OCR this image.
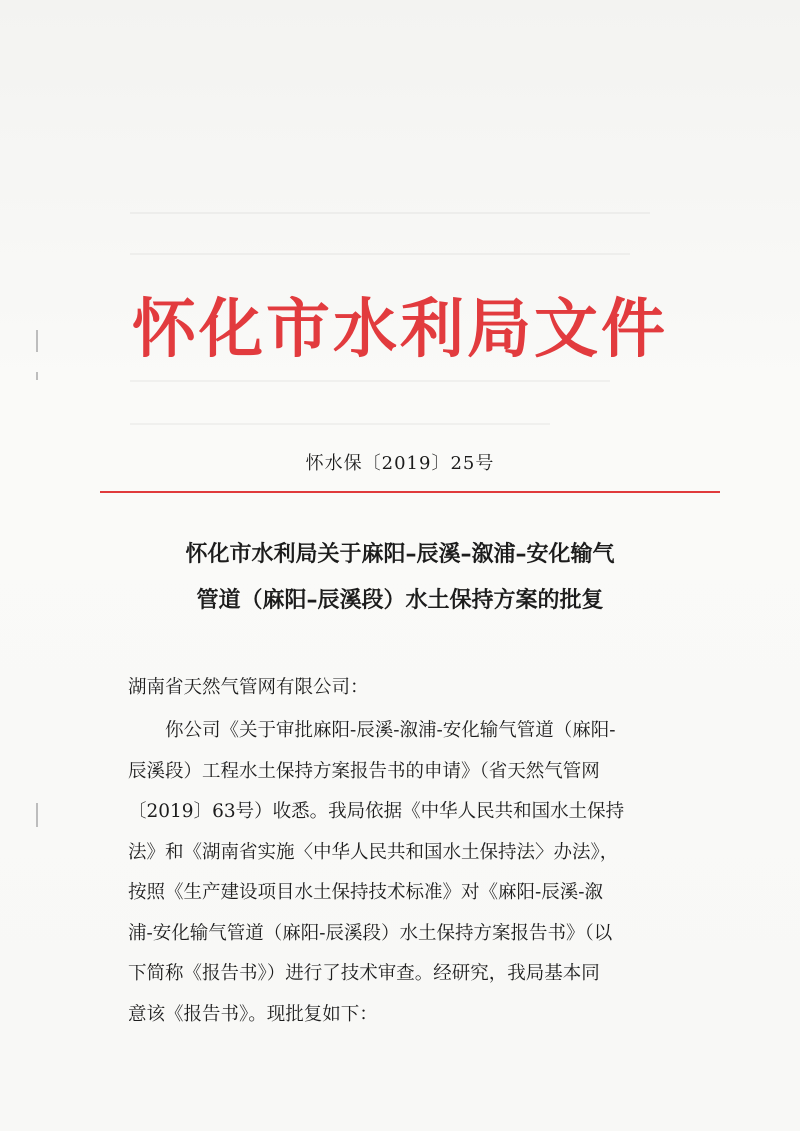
怀化市水利局文件
怀水保〔2019〕25号
怀化市水利局关于麻阳–辰溪–溆浦–安化输气
管道（麻阳–辰溪段）水土保持方案的批复
湖南省天然气管网有限公司：
　　你公司《关于审批麻阳-辰溪-溆浦-安化输气管道（麻阳-
辰溪段）工程水土保持方案报告书的申请》（省天然气管网
〔2019〕63号）收悉。我局依据《中华人民共和国水土保持
法》和《湖南省实施〈中华人民共和国水土保持法〉办法》，
按照《生产建设项目水土保持技术标准》对《麻阳-辰溪-溆
浦-安化输气管道（麻阳-辰溪段）水土保持方案报告书》（以
下简称《报告书》）进行了技术审查。经研究，我局基本同
意该《报告书》。现批复如下：
